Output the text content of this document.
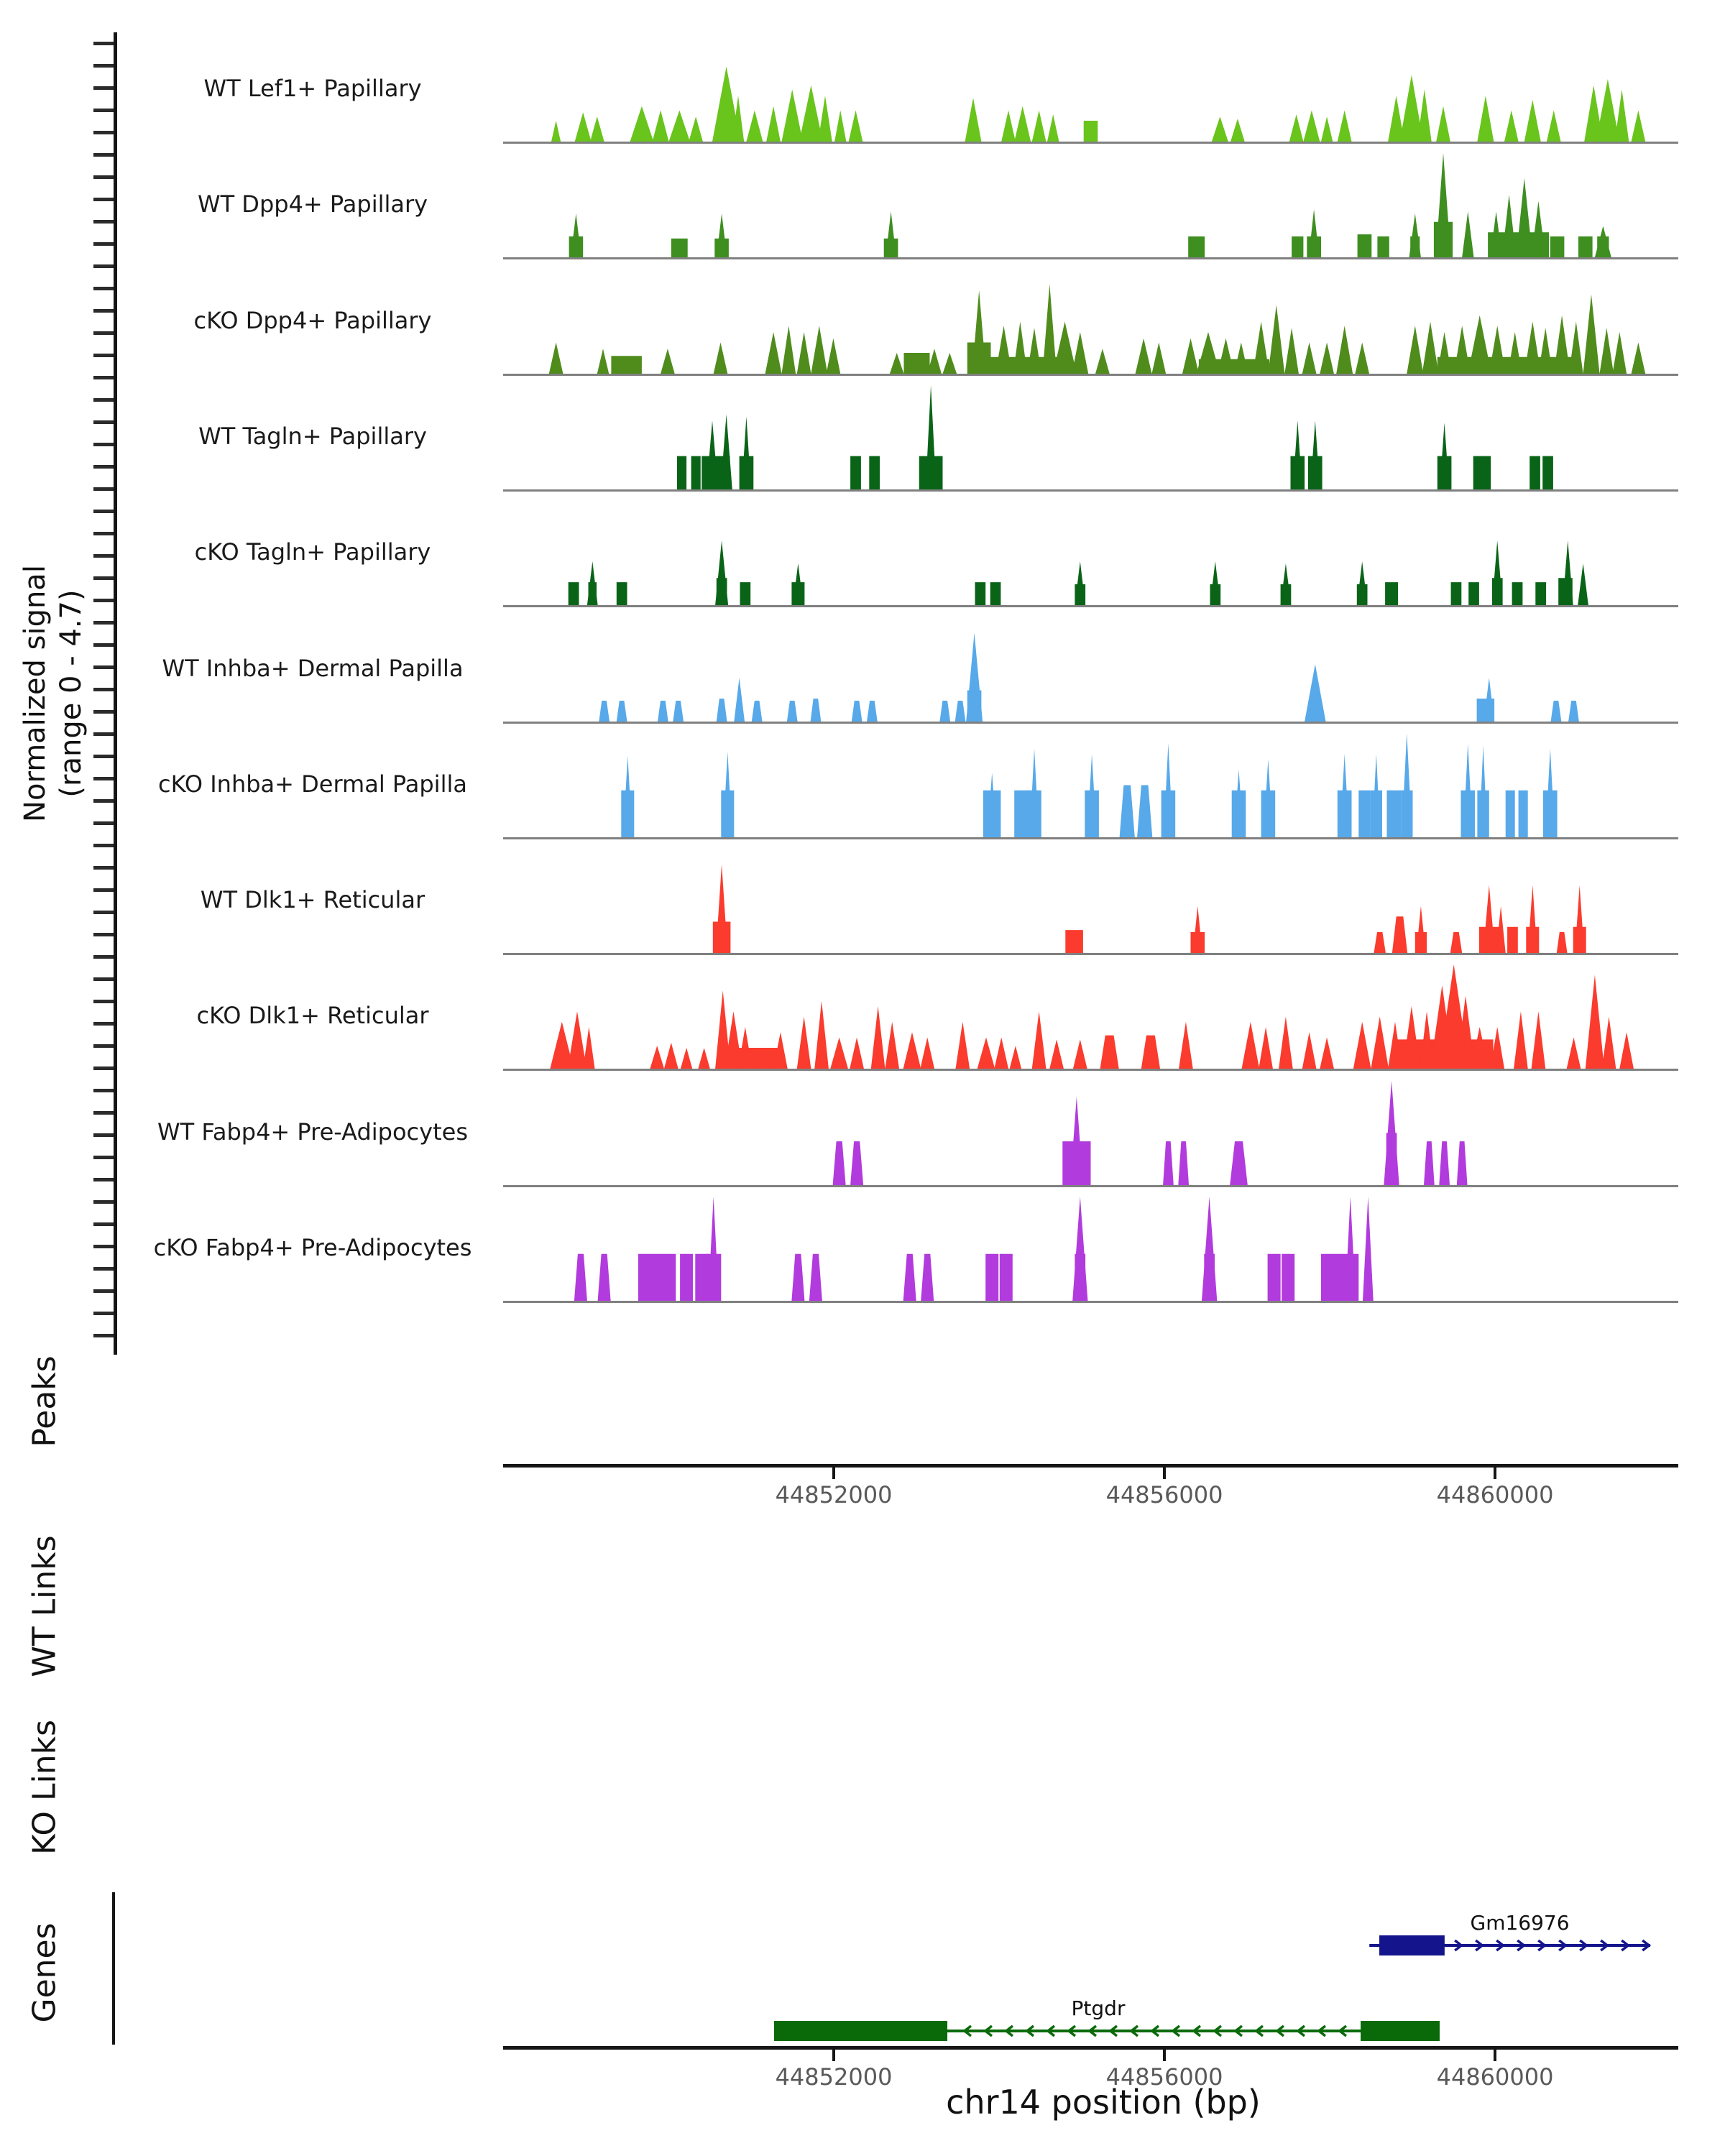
Normalized signal (range 0 - 4.7)
Peaks
WT Links
KO Links
Genes
WT Lef1+ Papillary
WT Dpp4+ Papillary
cKO Dpp4+ Papillary
WT Tagln+ Papillary
cKO Tagln+ Papillary
WT Inhba+ Dermal Papilla
cKO Inhba+ Dermal Papilla
WT Dlk1+ Reticular
cKO Dlk1+ Reticular
WT Fabp4+ Pre-Adipocytes
cKO Fabp4+ Pre-Adipocytes
44852000	44856000	44860000
Gm16976
Ptgdr
44852000	44856000	44860000
chr14 position (bp)
